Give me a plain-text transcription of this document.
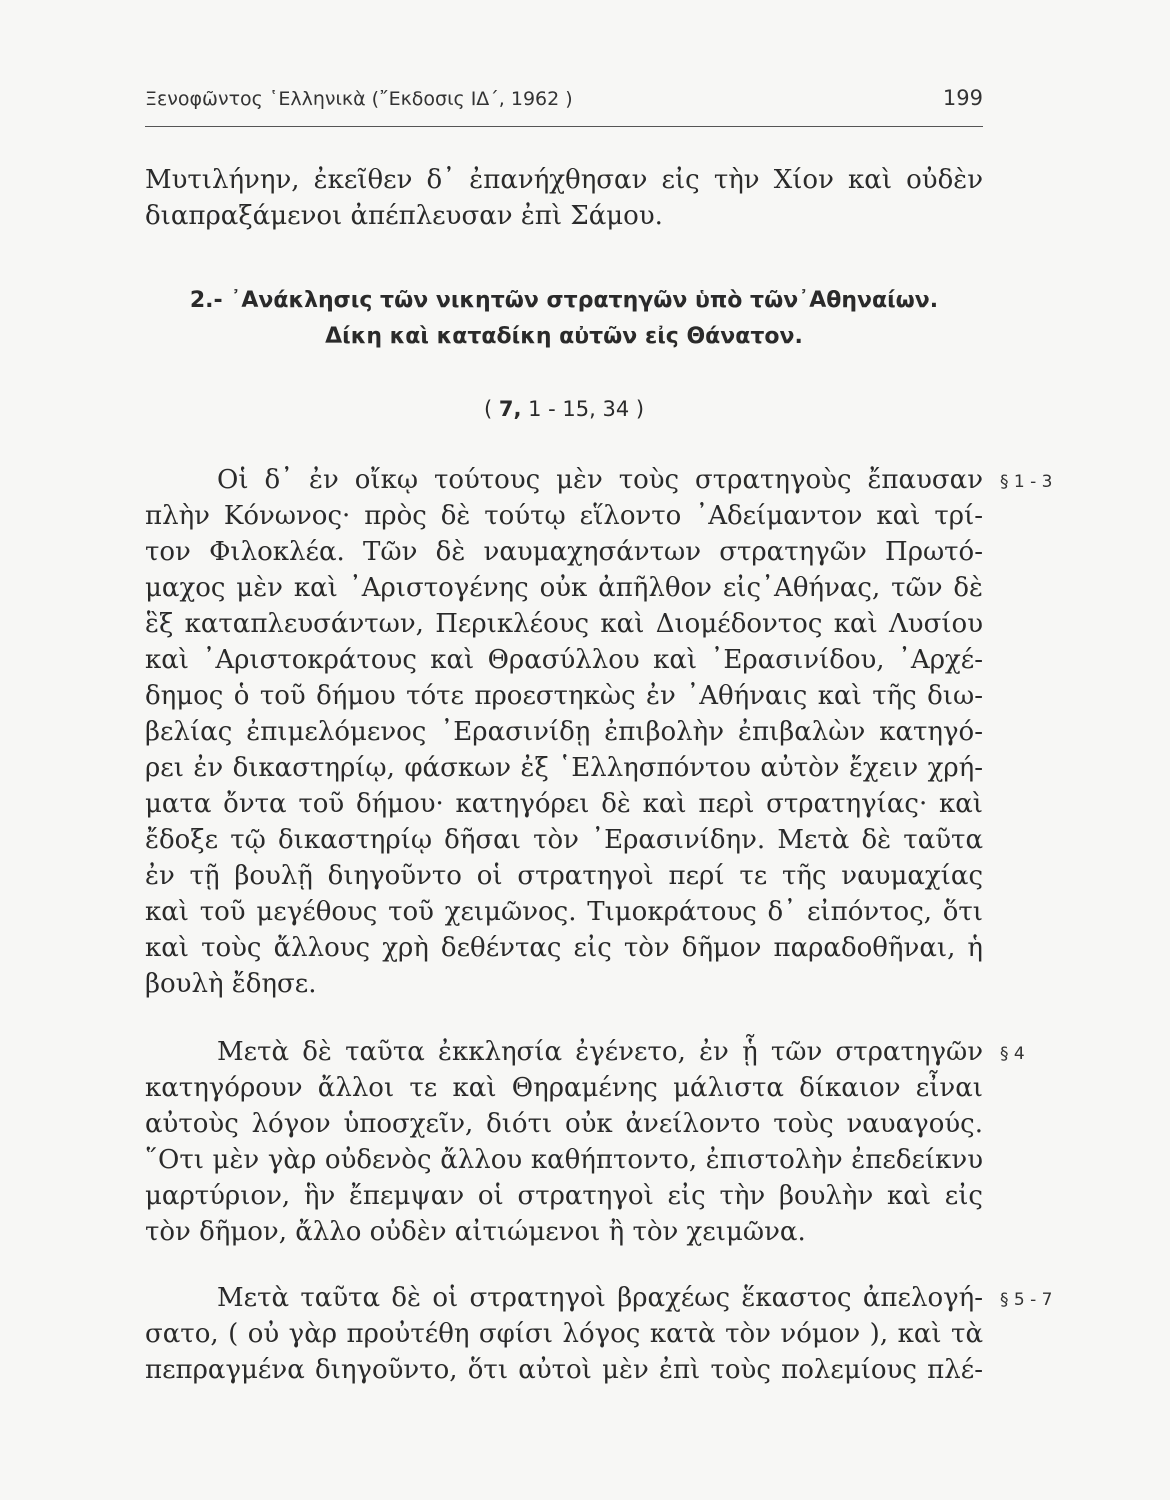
Ξενοφῶντος ῾Ελληνικὰ (῎Εκδοσις ΙΔ΄, 1962 )	199
Μυτιλήνην, ἐκεῖθεν δ᾿ ἐπανήχθησαν εἰς τὴν Χίον καὶ οὐδὲν
διαπραξάμενοι ἀπέπλευσαν ἐπὶ Σάμου.
2.- ᾿Ανάκλησις τῶν νικητῶν στρατηγῶν ὑπὸ τῶν᾿Αθηναίων.
Δίκη καὶ καταδίκη αὐτῶν εἰς Θάνατον.
( 7, 1 - 15, 34 )
Οἱ δ᾿ ἐν οἴκῳ τούτους μὲν τοὺς στρατηγοὺς ἔπαυσαν
πλὴν Κόνωνος· πρὸς δὲ τούτῳ εἵλοντο ᾿Αδείμαντον καὶ τρί-
τον Φιλοκλέα. Τῶν δὲ ναυμαχησάντων στρατηγῶν Πρωτό-
μαχος μὲν καὶ ᾿Αριστογένης οὐκ ἀπῆλθον εἰς᾿Αθήνας, τῶν δὲ
ἓξ καταπλευσάντων, Περικλέους καὶ Διομέδοντος καὶ Λυσίου
καὶ ᾿Αριστοκράτους καὶ Θρασύλλου καὶ ᾿Ερασινίδου, ᾿Αρχέ-
δημος ὁ τοῦ δήμου τότε προεστηκὼς ἐν ᾿Αθήναις καὶ τῆς διω-
βελίας ἐπιμελόμενος ᾿Ερασινίδῃ ἐπιβολὴν ἐπιβαλὼν κατηγό-
ρει ἐν δικαστηρίῳ, φάσκων ἐξ ῾Ελλησπόντου αὐτὸν ἔχειν χρή-
ματα ὄντα τοῦ δήμου· κατηγόρει δὲ καὶ περὶ στρατηγίας· καὶ
ἔδοξε τῷ δικαστηρίῳ δῆσαι τὸν ᾿Ερασινίδην. Μετὰ δὲ ταῦτα
ἐν τῇ βουλῇ διηγοῦντο οἱ στρατηγοὶ περί τε τῆς ναυμαχίας
καὶ τοῦ μεγέθους τοῦ χειμῶνος. Τιμοκράτους δ᾿ εἰπόντος, ὅτι
καὶ τοὺς ἄλλους χρὴ δεθέντας εἰς τὸν δῆμον παραδοθῆναι, ἡ
βουλὴ ἔδησε.
Μετὰ δὲ ταῦτα ἐκκλησία ἐγένετο, ἐν ᾗ τῶν στρατηγῶν
κατηγόρουν ἄλλοι τε καὶ Θηραμένης μάλιστα δίκαιον εἶναι
αὐτοὺς λόγον ὑποσχεῖν, διότι οὐκ ἀνείλοντο τοὺς ναυαγούς.
῞Οτι μὲν γὰρ οὐδενὸς ἄλλου καθήπτοντο, ἐπιστολὴν ἐπεδείκνυ
μαρτύριον, ἣν ἔπεμψαν οἱ στρατηγοὶ εἰς τὴν βουλὴν καὶ εἰς
τὸν δῆμον, ἄλλο οὐδὲν αἰτιώμενοι ἢ τὸν χειμῶνα.
Μετὰ ταῦτα δὲ οἱ στρατηγοὶ βραχέως ἕκαστος ἀπελογή-
σατο, ( οὐ γὰρ προὐτέθη σφίσι λόγος κατὰ τὸν νόμον ), καὶ τὰ
πεπραγμένα διηγοῦντο, ὅτι αὐτοὶ μὲν ἐπὶ τοὺς πολεμίους πλέ-
§ 1 - 3
§ 4
§ 5 - 7
